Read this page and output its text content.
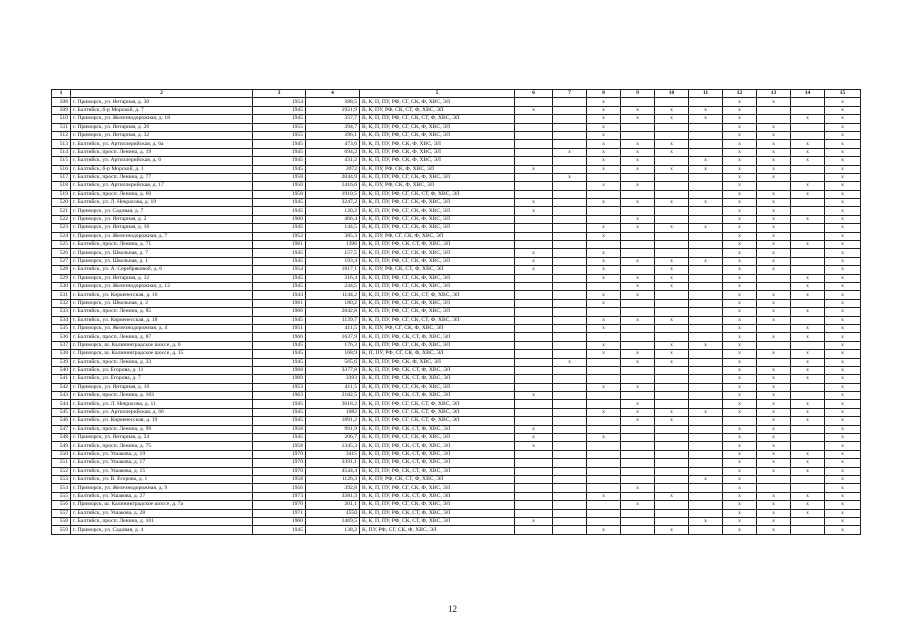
1	2	3	4	5	6	7	8	9	10	11	12	13	14	15
508	г. Приморск, ул. Янтарная, д. 30	1954	388,5	В, К, П, ПУ, РФ, СГ, СК, Ф, ХВС, ЭЛ			x				x	x		x
509	г. Балтийск, б-р Морской, д. 7	1945	1921,9	В, К, ПУ, РФ, СК, СТ, Ф, ХВС, ЭЛ	x		x	x	x	x	x			x
510	г. Приморск, ул. Железнодорожная, д. 18	1945	357,7	В, К, П, ПУ, РФ, СГ, СК, СТ, Ф, ХВС, ЭЛ			x	x	x	x	x		x	x
511	г. Приморск, ул. Янтарная, д. 26	1955	394,7	В, К, П, ПУ, РФ, СГ, СК, Ф, ХВС, ЭЛ			x				x	x		x
512	г. Приморск, ул. Янтарная, д. 32	1955	396,1	В, К, П, ПУ, РФ, СГ, СК, Ф, ХВС, ЭЛ			x				x	x		x
513	г. Балтийск, ул. Артиллерийская, д. 6а	1945	473,6	В, К, П, ПУ, РФ, СК, Ф, ХВС, ЭЛ			x	x	x		x	x	x	x
514	г. Балтийск, просп. Ленина, д. 19	1945	694,2	В, К, П, ПУ, РФ, СК, Ф, ХВС, ЭЛ		x	x	x	x		x	x	x	x
515	г. Балтийск, ул. Артиллерийская, д. 6	1945	431,2	В, К, П, ПУ, РФ, СК, Ф, ХВС, ЭЛ			x	x		x	x	x	x	x
516	г. Балтийск, б-р Морской, д. 1	1945	2072	В, К, ПУ, РФ, СК, Ф, ХВС, ЭЛ	x		x	x	x	x	x	x		x
517	г. Балтийск, просп. Ленина, д. 77	1958	2044,9	В, К, П, ПУ, РФ, СГ, СК, Ф, ХВС, ЭЛ		x					x	x		x
518	г. Балтийск, ул. Артиллерийская, д. 17	1950	1416,6	В, К, ПУ, РФ, СК, Ф, ХВС, ЭЛ			x	x			x		x	x
519	г. Балтийск, просп. Ленина, д. 69	1958	1910,5	В, К, П, ПУ, РФ, СГ, СК, СТ, Ф, ХВС, ЭЛ							x	x	x	x
520	г. Балтийск, ул. Л. Некрасова, д. 19	1945	3247,2	В, К, П, ПУ, РФ, СГ, СК, Ф, ХВС, ЭЛ	x		x	x	x	x	x	x		x
521	г. Приморск, ул. Садовая, д. 7	1945	120,2	В, К, П, ПУ, РФ, СГ, СК, Ф, ХВС, ЭЛ	x						x	x		x
522	г. Приморск, ул. Янтарная, д. 2	1960	466,4	В, К, П, ПУ, РФ, СГ, СК, Ф, ХВС, ЭЛ				x			x	x	x	x
523	г. Приморск, ул. Янтарная, д. 16	1945	144,5	В, К, П, ПУ, РФ, СГ, СК, Ф, ХВС, ЭЛ			x	x	x	x	x	x		x
524	г. Приморск, ул. Железнодорожная, д. 7	1952	385,3	В, К, ПУ, РФ, СГ, СК, Ф, ХВС, ЭЛ			x				x	x		x
525	г. Балтийск, просп. Ленина, д. 71	1961	1396	В, К, П, ПУ, РФ, СК, СТ, Ф, ХВС, ЭЛ							x	x	x	x
526	г. Приморск, ул. Школьная, д. 7	1945	157,5	В, К, П, ПУ, РФ, СГ, СК, Ф, ХВС, ЭЛ	x		x				x	x		x
527	г. Приморск, ул. Школьная, д. 1	1945	193,4	В, К, П, ПУ, РФ, СГ, СК, Ф, ХВС, ЭЛ	x		x	x	x	x	x	x		x
528	г. Балтийск, ул. А. Серебряковой, д. 6	1954	1817,1	В, К, ПУ, РФ, СК, СТ, Ф, ХВС, ЭЛ	x		x		x		x	x		x
529	г. Приморск, ул. Янтарная, д. 12	1945	316,4	В, К, П, ПУ, РФ, СГ, СК, Ф, ХВС, ЭЛ			x	x	x		x		x	x
530	г. Приморск, ул. Железнодорожная, д. 12	1945	244,5	В, К, П, ПУ, РФ, СГ, СК, Ф, ХВС, ЭЛ				x	x		x		x	x
531	г. Балтийск, ул. Киркенесская, д. 16	1943	1144,2	В, К, П, ПУ, РФ, СГ, СК, СТ, Ф, ХВС, ЭЛ			x	x			x	x	x	x
532	г. Приморск, ул. Школьная, д. 2	1961	180,2	В, К, П, ПУ, РФ, СГ, СК, Ф, ХВС, ЭЛ			x				x	x		x
533	г. Балтийск, просп. Ленина, д. 85	1966	2042,8	В, К, П, ПУ, РФ, СГ, СК, Ф, ХВС, ЭЛ							x	x	x	x
534	г. Балтийск, ул. Киркенесская, д. 18	1945	1139,7	В, К, П, ПУ, РФ, СГ, СК, СТ, Ф, ХВС, ЭЛ			x	x	x		x	x		x
535	г. Приморск, ул. Железнодорожная, д. 4	1951	411,5	В, К, ПУ, РФ, СГ, СК, Ф, ХВС, ЭЛ			x				x		x	x
536	г. Балтийск, просп. Ленина, д. 87	1966	1637,9	В, К, П, ПУ, РФ, СК, СТ, Ф, ХВС, ЭЛ							x	x	x	x
537	г. Приморск, ш. Калининградское шоссе, д. 6	1945	176,3	В, К, П, ПУ, РФ, СГ, СК, Ф, ХВС, ЭЛ			x		x	x	x			x
538	г. Приморск, ш. Калининградское шоссе, д. 15	1945	168,9	К, П, ПУ, РФ, СГ, СК, Ф, ХВС, ЭЛ			x	x	x		x	x	x	x
539	г. Балтийск, просп. Ленина, д. 33	1945	565,6	В, К, П, ПУ, РФ, СК, Ф, ХВС, ЭЛ		x		x	x		x		x	x
540	г. Балтийск, ул. Егорова, д. 11	1968	3377,8	В, К, П, ПУ, РФ, СК, СТ, Ф, ХВС, ЭЛ							x	x	x	x
541	г. Балтийск, ул. Егорова, д. 7	1969	3393	В, К, П, ПУ, РФ, СК, СТ, Ф, ХВС, ЭЛ							x	x	x	x
542	г. Приморск, ул. Янтарная, д. 19	1953	411,5	В, К, П, ПУ, РФ, СГ, СК, Ф, ХВС, ЭЛ			x	x			x	x		x
543	г. Балтийск, просп. Ленина, д. 103	1963	2182,5	В, К, П, ПУ, РФ, СК, СТ, Ф, ХВС, ЭЛ	x						x	x		x
544	г. Балтийск, ул. Л. Некрасова, д. 11	1945	3618,2	В, К, П, ПУ, РФ, СГ, СК, СТ, Ф, ХВС, ЭЛ				x			x	x	x	x
545	г. Балтийск, ул. Артиллерийская, д. 66	1945	1082	В, К, П, ПУ, РФ, СГ, СК, СТ, Ф, ХВС, ЭЛ			x	x	x	x	x	x	x	x
546	г. Балтийск, ул. Киркенесская, д. 19	1945	1891,2	В, К, П, ПУ, РФ, СГ, СК, СТ, Ф, ХВС, ЭЛ				x	x			x	x	x
547	г. Балтийск, просп. Ленина, д. 99	1958	991,9	В, К, П, ПУ, РФ, СК, СТ, Ф, ХВС, ЭЛ	x						x	x		x
548	г. Приморск, ул. Янтарная, д. 24	1945	206,7	В, К, П, ПУ, РФ, СГ, СК, Ф, ХВС, ЭЛ	x		x				x	x		x
549	г. Балтийск, просп. Ленина, д. 75	1958	1345,3	В, К, П, ПУ, РФ, СК, СТ, Ф, ХВС, ЭЛ	x						x	x		x
550	г. Балтийск, ул. Ушакова, д. 19	1970	3415	В, К, П, ПУ, РФ, СК, СТ, Ф, ХВС, ЭЛ							x	x	x	x
551	г. Балтийск, ул. Ушакова, д. 17	1970	3391,1	В, К, П, ПУ, РФ, СК, СТ, Ф, ХВС, ЭЛ							x	x	x	x
552	г. Балтийск, ул. Ушакова, д. 15	1970	4544,4	В, К, П, ПУ, РФ, СК, СТ, Ф, ХВС, ЭЛ							x	x	x	x
553	г. Балтийск, ул. В. Егорова, д. 1	1958	1126,3	В, К, ПУ, РФ, СК, СТ, Ф, ХВС, ЭЛ						x	x			x
554	г. Приморск, ул. Железнодорожная, д. 9	1956	392,8	В, К, П, ПУ, РФ, СГ, СК, Ф, ХВС, ЭЛ				x			x			x
555	г. Балтийск, ул. Ушакова, д. 27	1973	3381,3	В, К, П, ПУ, РФ, СК, СТ, Ф, ХВС, ЭЛ			x		x		x	x	x	x
556	г. Приморск, ш. Калининградское шоссе, д. 7а	1970	201,1	В, К, П, ПУ, РФ, СГ, СК, Ф, ХВС, ЭЛ				x			x	x	x	x
557	г. Балтийск, ул. Ушакова, д. 28	1971	4550	В, К, П, ПУ, РФ, СК, СТ, Ф, ХВС, ЭЛ							x	x	x	x
558	г. Балтийск, просп. Ленина, д. 101	1960	1469,5	В, К, П, ПУ, РФ, СК, СТ, Ф, ХВС, ЭЛ	x					x	x	x		x
559	г. Приморск, ул. Садовая, д. 4	1945	138,2	К, ПУ, РФ, СГ, СК, Ф, ХВС, ЭЛ			x		x		x	x		x
12
